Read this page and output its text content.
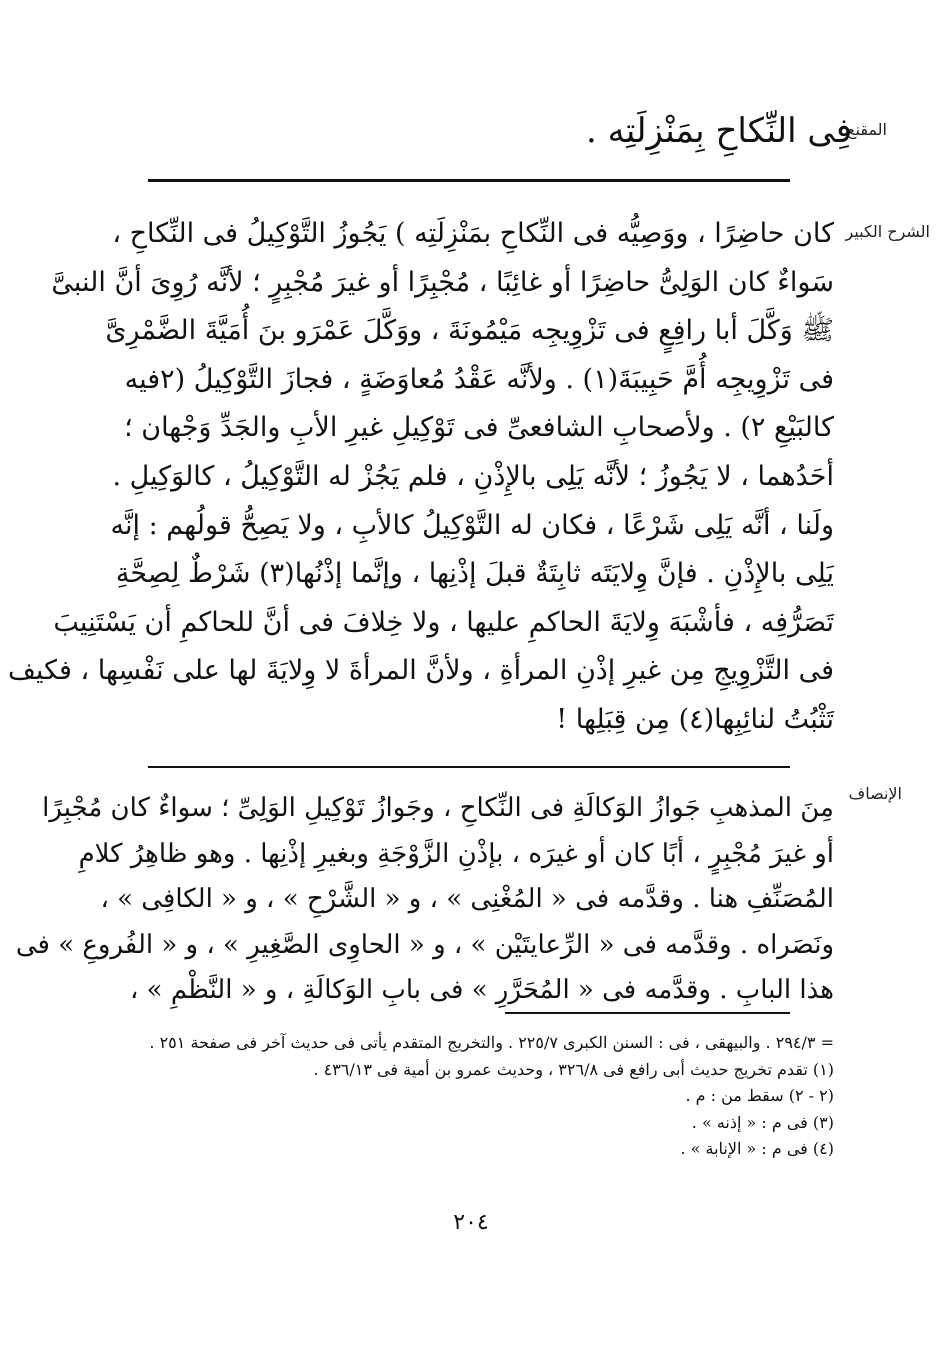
المقنع
فِى النِّكاحِ بِمَنْزِلَتِه .
الشرح الكبير

كان حاضِرًا ، ووَصِيُّه فى النِّكاحِ بمَنْزِلَتِه ) يَجُوزُ التَّوْكِيلُ فى النِّكاحِ ،

سَواءٌ كان الوَلِىُّ حاضِرًا أو غائِبًا ، مُجْبِرًا أو غيرَ مُجْبِرٍ ؛ لأنَّه رُوِىَ أنَّ النبىَّ

ﷺ وَكَّلَ أبا رافِعٍ فى تَزْوِيجِه مَيْمُونَةَ ، ووَكَّلَ عَمْرَو بنَ أُمَيَّةَ الضَّمْرِىَّ

فى تَزْوِيجِه أُمَّ حَبِيبَةَ(١) . ولأنَّه عَقْدُ مُعاوَضَةٍ ، فجازَ التَّوْكِيلُ (٢فيه

كالبَيْعِ ٢) . ولأصحابِ الشافعىِّ فى تَوْكِيلِ غيرِ الأبِ والجَدِّ وَجْهان ؛

أحَدُهما ، لا يَجُوزُ ؛ لأنَّه يَلِى بالإِذْنِ ، فلم يَجُزْ له التَّوْكِيلُ ، كالوَكِيلِ .

ولَنا ، أنَّه يَلِى شَرْعًا ، فكان له التَّوْكِيلُ كالأبِ ، ولا يَصِحُّ قولُهم : إنَّه

يَلِى بالإِذْنِ . فإنَّ وِلايَتَه ثابِتَةٌ قبلَ إذْنِها ، وإنَّما إذْنُها(٣) شَرْطٌ لِصِحَّةِ

تَصَرُّفِه ، فأشْبَهَ وِلايَةَ الحاكمِ عليها ، ولا خِلافَ فى أنَّ للحاكمِ أن يَسْتَنِيبَ

فى التَّزْوِيجِ مِن غيرِ إذْنِ المرأةِ ، ولأنَّ المرأةَ لا وِلايَةَ لها على نَفْسِها ، فكيف

تَثْبُتُ لنائِبِها(٤) مِن قِبَلِها !

الإنصاف

مِنَ المذهبِ جَوازُ الوَكالَةِ فى النِّكاحِ ، وجَوازُ تَوْكِيلِ الوَلِىِّ ؛ سواءٌ كان مُجْبِرًا

أو غيرَ مُجْبِرٍ ، أبًا كان أو غيرَه ، بإذْنِ الزَّوْجَةِ وبغيرِ إذْنِها . وهو ظاهِرُ كلامِ

المُصَنِّفِ هنا . وقدَّمه فى « المُغْنِى » ، و « الشَّرْحِ » ، و « الكافِى » ،

ونَصَراه . وقدَّمه فى « الرِّعايتَيْن » ، و « الحاوِى الصَّغِيرِ » ، و « الفُروعِ » فى

هذا البابِ . وقدَّمه فى « المُحَرَّرِ » فى بابِ الوَكالَةِ ، و « النَّظْمِ » ،

= ٢٩٤/٣ . والبيهقى ، فى : السنن الكبرى ٢٢٥/٧ . والتخريج المتقدم يأتى فى حديث آخر فى صفحة ٢٥١ .

(١) تقدم تخريج حديث أبى رافع فى ٣٢٦/٨ ، وحديث عمرو بن أمية فى ٤٣٦/١٣ .

(٢ - ٢) سقط من : م .

(٣) فى م : « إذنه » .

(٤) فى م : « الإنابة » .

٢٠٤
